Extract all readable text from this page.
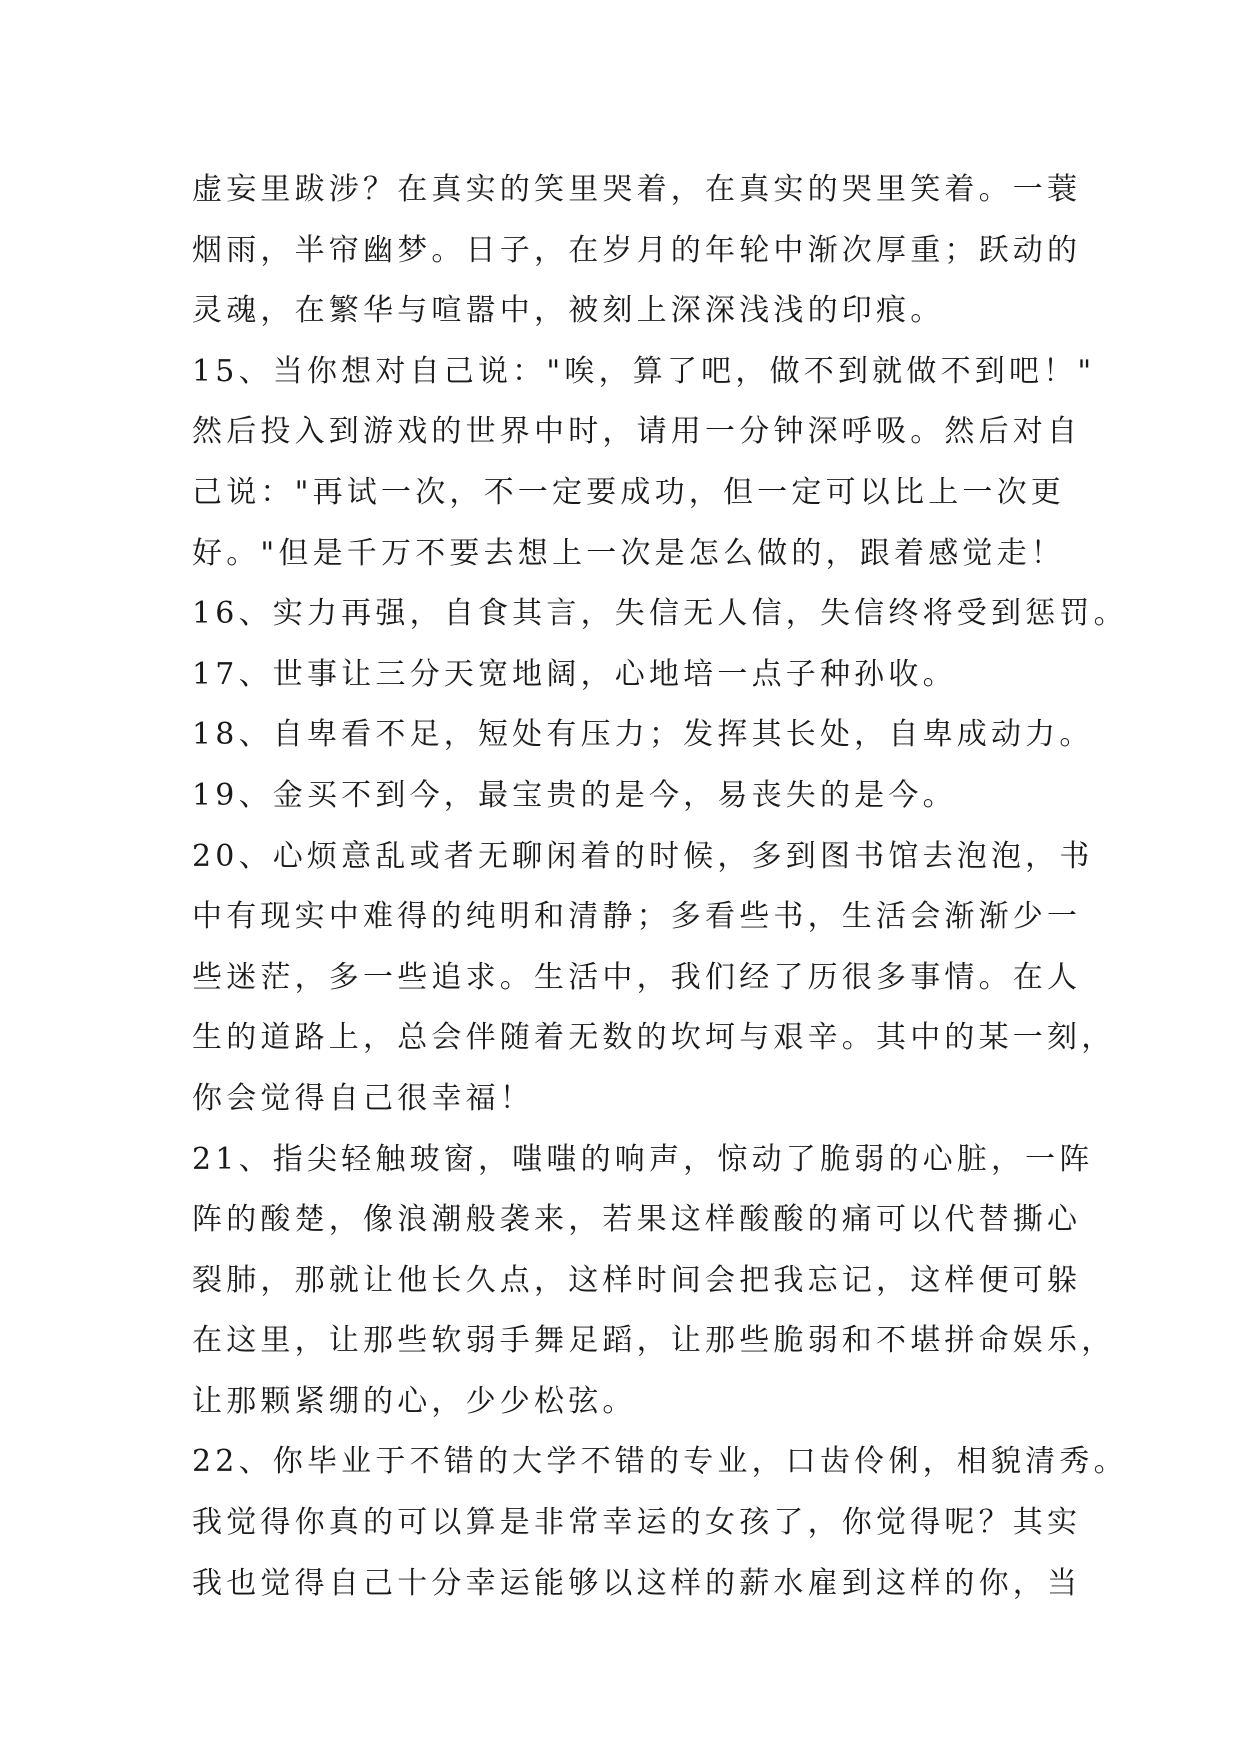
虚妄里跋涉？在真实的笑里哭着，在真实的哭里笑着。一蓑
烟雨，半帘幽梦。日子，在岁月的年轮中渐次厚重；跃动的
灵魂，在繁华与喧嚣中，被刻上深深浅浅的印痕。
15、当你想对自己说："唉，算了吧，做不到就做不到吧！"
然后投入到游戏的世界中时，请用一分钟深呼吸。然后对自
己说："再试一次，不一定要成功，但一定可以比上一次更
好。"但是千万不要去想上一次是怎么做的，跟着感觉走！
16、实力再强，自食其言，失信无人信，失信终将受到惩罚。
17、世事让三分天宽地阔，心地培一点子种孙收。
18、自卑看不足，短处有压力；发挥其长处，自卑成动力。
19、金买不到今，最宝贵的是今，易丧失的是今。
20、心烦意乱或者无聊闲着的时候，多到图书馆去泡泡，书
中有现实中难得的纯明和清静；多看些书，生活会渐渐少一
些迷茫，多一些追求。生活中，我们经了历很多事情。在人
生的道路上，总会伴随着无数的坎坷与艰辛。其中的某一刻，
你会觉得自己很幸福！
21、指尖轻触玻窗，嗤嗤的响声，惊动了脆弱的心脏，一阵
阵的酸楚，像浪潮般袭来，若果这样酸酸的痛可以代替撕心
裂肺，那就让他长久点，这样时间会把我忘记，这样便可躲
在这里，让那些软弱手舞足蹈，让那些脆弱和不堪拼命娱乐，
让那颗紧绷的心，少少松弦。
22、你毕业于不错的大学不错的专业，口齿伶俐，相貌清秀。
我觉得你真的可以算是非常幸运的女孩了，你觉得呢？其实
我也觉得自己十分幸运能够以这样的薪水雇到这样的你，当
